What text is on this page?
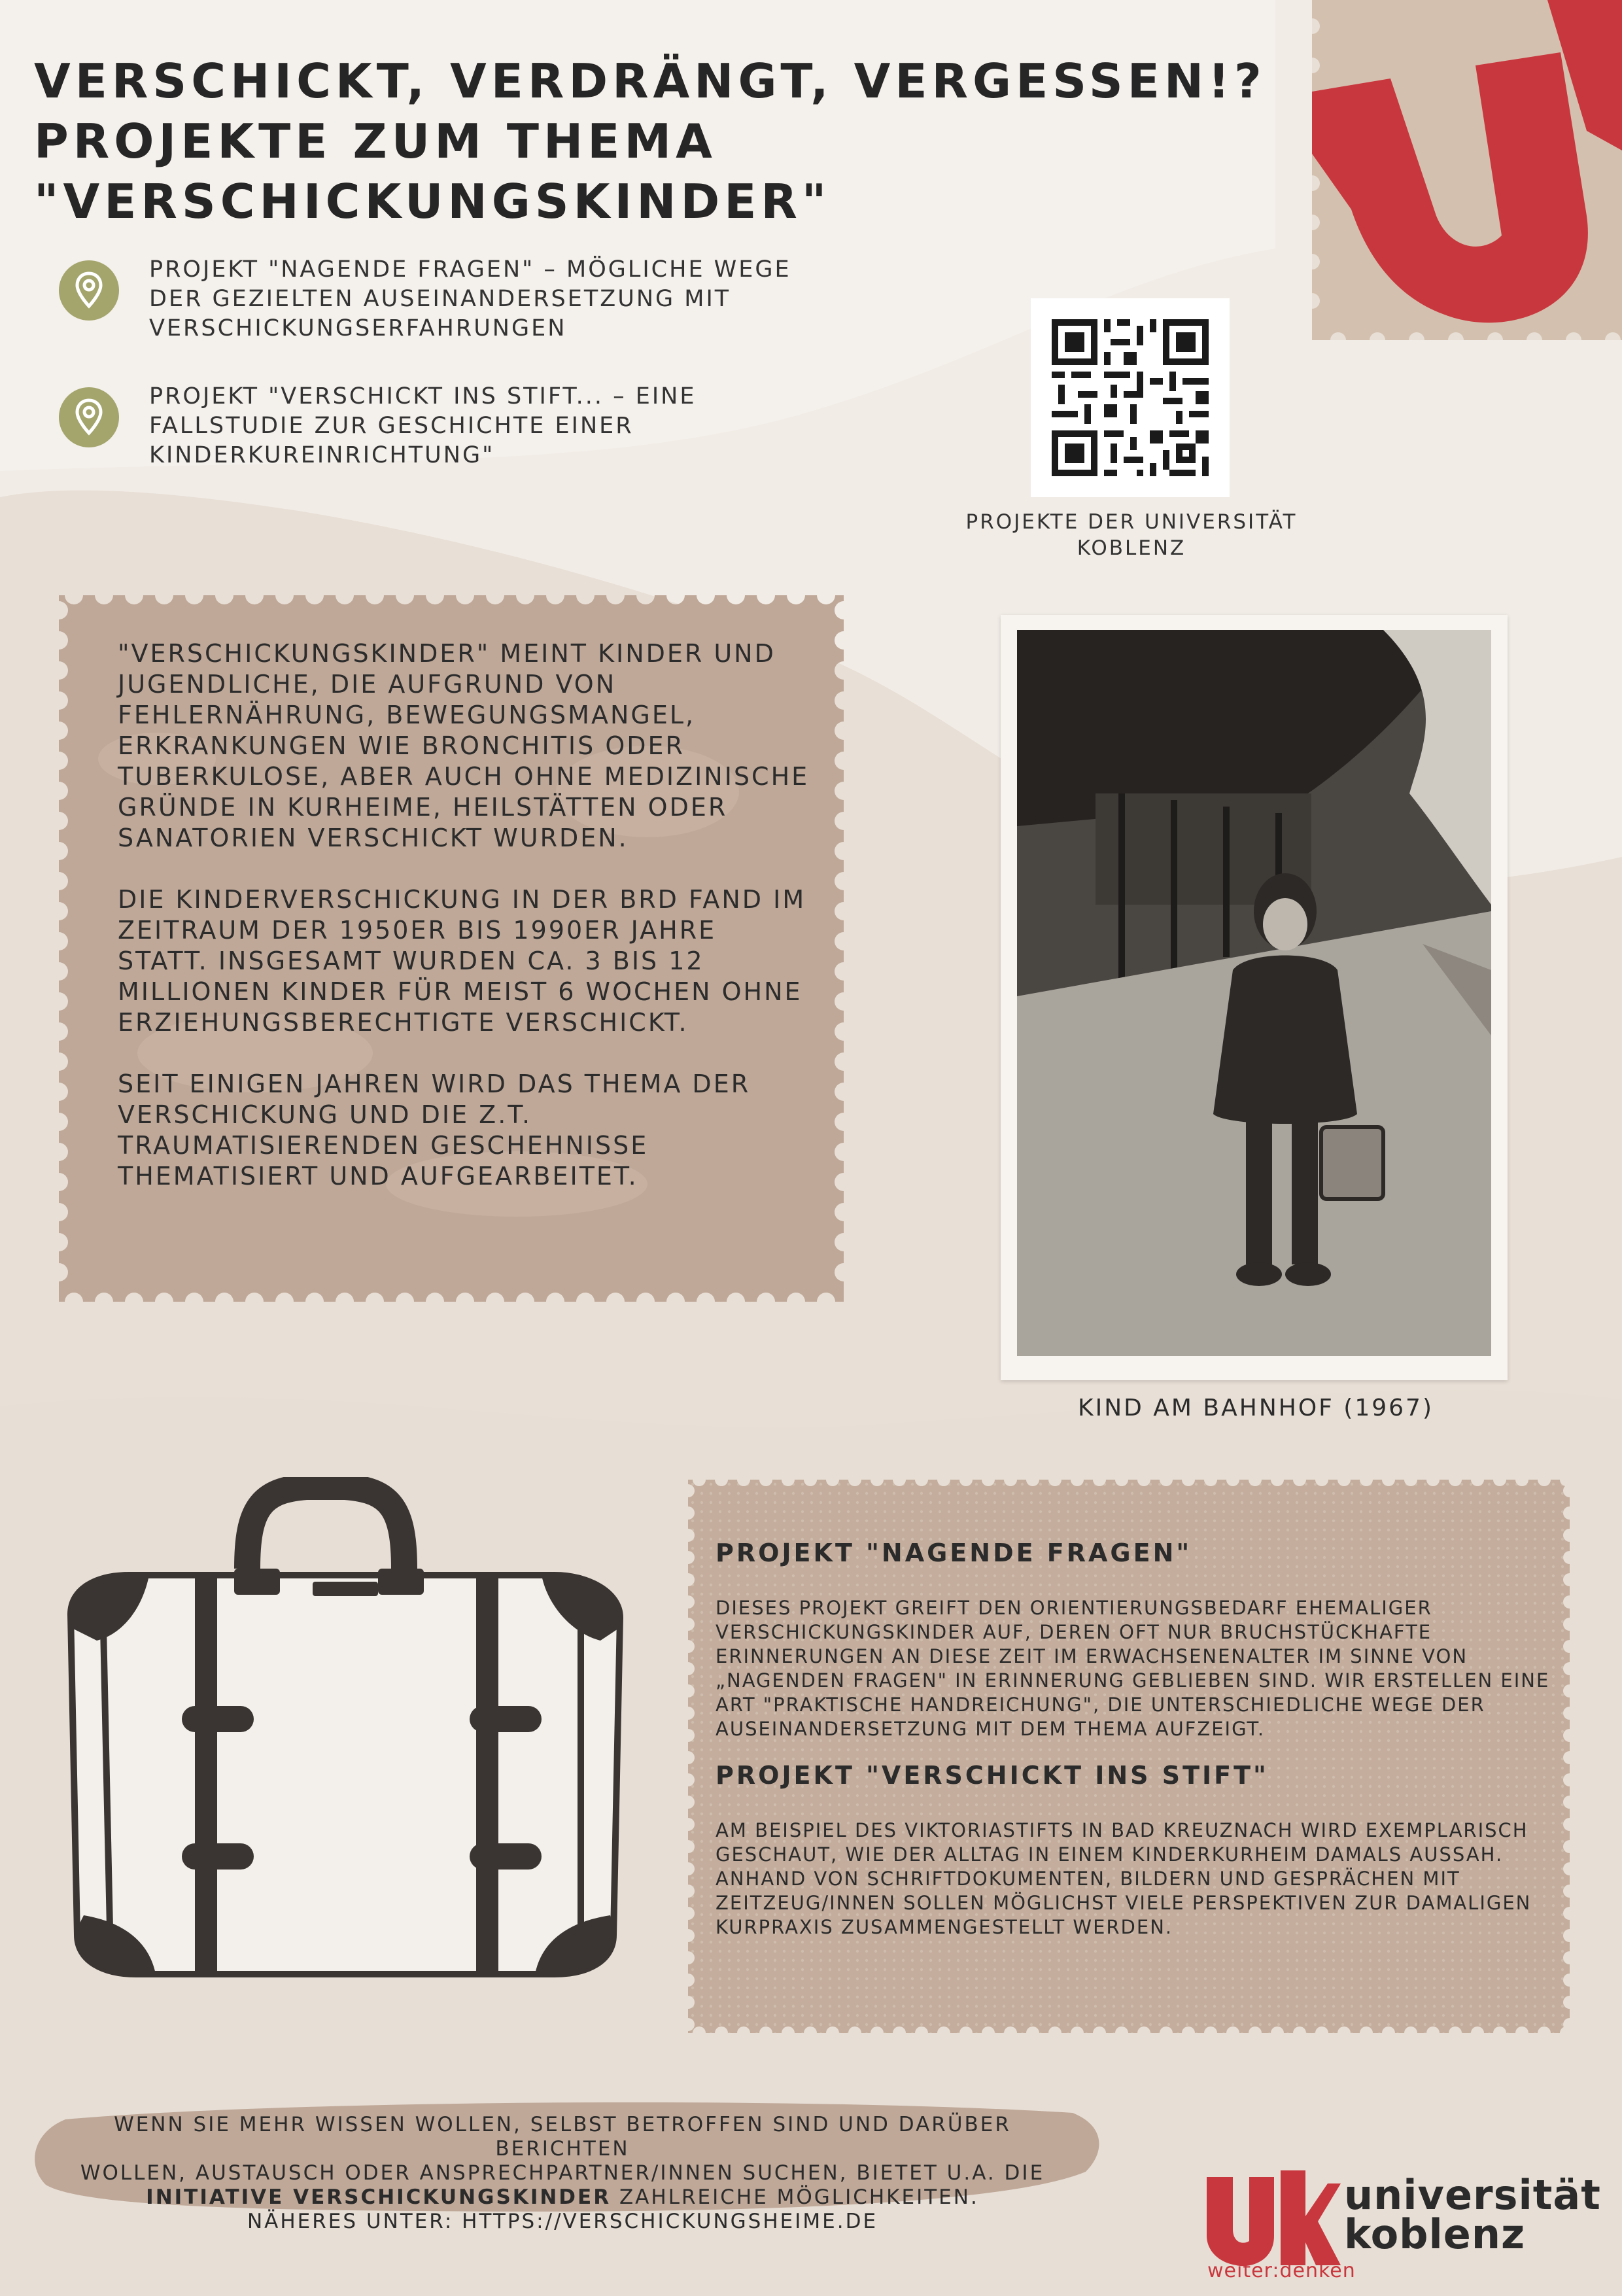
VERSCHICKT, VERDRÄNGT, VERGESSEN!?
PROJEKTE ZUM THEMA
"VERSCHICKUNGSKINDER"
PROJEKT "NAGENDE FRAGEN" – MÖGLICHE WEGE
DER GEZIELTEN AUSEINANDERSETZUNG MIT
VERSCHICKUNGSERFAHRUNGEN
PROJEKT "VERSCHICKT INS STIFT... – EINE
FALLSTUDIE ZUR GESCHICHTE EINER
KINDERKUREINRICHTUNG"
PROJEKTE DER UNIVERSITÄT
KOBLENZ

"VERSCHICKUNGSKINDER" MEINT KINDER UND JUGENDLICHE, DIE AUFGRUND VON FEHLERNÄHRUNG, BEWEGUNGSMANGEL, ERKRANKUNGEN WIE BRONCHITIS ODER TUBERKULOSE, ABER AUCH OHNE MEDIZINISCHE GRÜNDE IN KURHEIME, HEILSTÄTTEN ODER SANATORIEN VERSCHICKT WURDEN.

DIE KINDERVERSCHICKUNG IN DER BRD FAND IM ZEITRAUM DER 1950ER BIS 1990ER JAHRE STATT. INSGESAMT WURDEN CA. 3 BIS 12 MILLIONEN KINDER FÜR MEIST 6 WOCHEN OHNE ERZIEHUNGSBERECHTIGTE VERSCHICKT.

SEIT EINIGEN JAHREN WIRD DAS THEMA DER VERSCHICKUNG UND DIE Z.T. TRAUMATISIERENDEN GESCHEHNISSE THEMATISIERT UND AUFGEARBEITET.

KIND AM BAHNHOF (1967)
PROJEKT "NAGENDE FRAGEN"

DIESES PROJEKT GREIFT DEN ORIENTIERUNGSBEDARF EHEMALIGER VERSCHICKUNGSKINDER AUF, DEREN OFT NUR BRUCHSTÜCKHAFTE ERINNERUNGEN AN DIESE ZEIT IM ERWACHSENENALTER IM SINNE VON „NAGENDEN FRAGEN" IN ERINNERUNG GEBLIEBEN SIND. WIR ERSTELLEN EINE ART "PRAKTISCHE HANDREICHUNG", DIE UNTERSCHIEDLICHE WEGE DER AUSEINANDERSETZUNG MIT DEM THEMA AUFZEIGT.

PROJEKT "VERSCHICKT INS STIFT"

AM BEISPIEL DES VIKTORIASTIFTS IN BAD KREUZNACH WIRD EXEMPLARISCH GESCHAUT, WIE DER ALLTAG IN EINEM KINDERKURHEIM DAMALS AUSSAH. ANHAND VON SCHRIFTDOKUMENTEN, BILDERN UND GESPRÄCHEN MIT ZEITZEUG/INNEN SOLLEN MÖGLICHST VIELE PERSPEKTIVEN ZUR DAMALIGEN KURPRAXIS ZUSAMMENGESTELLT WERDEN.

WENN SIE MEHR WISSEN WOLLEN, SELBST BETROFFEN SIND UND DARÜBER BERICHTEN
WOLLEN, AUSTAUSCH ODER ANSPRECHPARTNER/INNEN SUCHEN, BIETET U.A. DIE
INITIATIVE VERSCHICKUNGSKINDER ZAHLREICHE MÖGLICHKEITEN.
NÄHERES UNTER: HTTPS://VERSCHICKUNGSHEIME.DE
universität
koblenz
weiter:denken
